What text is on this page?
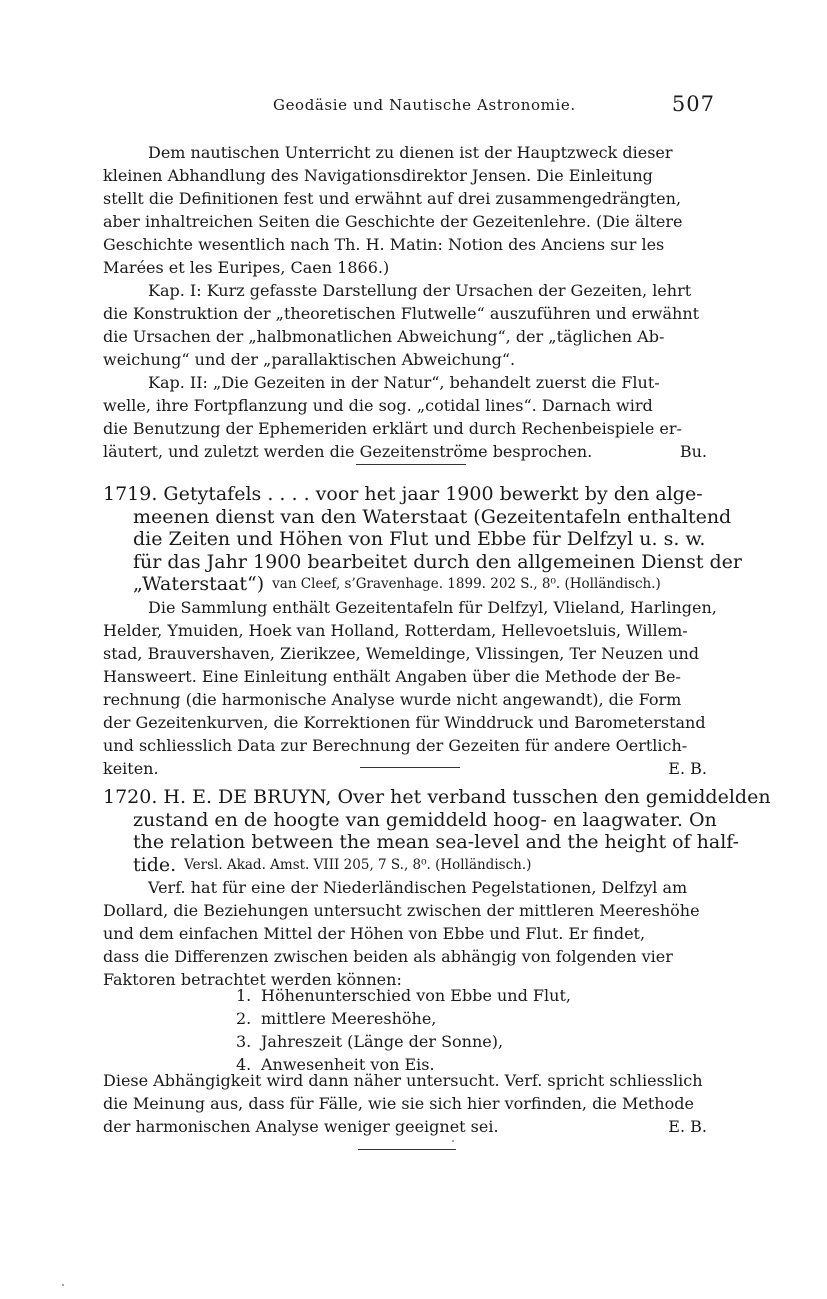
Geodäsie und Nautische Astronomie.	507
Dem nautischen Unterricht zu dienen ist der Hauptzweck dieser
kleinen Abhandlung des Navigationsdirektor Jensen. Die Einleitung
stellt die Definitionen fest und erwähnt auf drei zusammengedrängten,
aber inhaltreichen Seiten die Geschichte der Gezeitenlehre. (Die ältere
Geschichte wesentlich nach Th. H. Matin: Notion des Anciens sur les
Marées et les Euripes, Caen 1866.)
Kap. I: Kurz gefasste Darstellung der Ursachen der Gezeiten, lehrt
die Konstruktion der „theoretischen Flutwelle“ auszuführen und erwähnt
die Ursachen der „halbmonatlichen Abweichung“, der „täglichen Ab-
weichung“ und der „parallaktischen Abweichung“.
Kap. II: „Die Gezeiten in der Natur“, behandelt zuerst die Flut-
welle, ihre Fortpflanzung und die sog. „cotidal lines“. Darnach wird
die Benutzung der Ephemeriden erklärt und durch Rechenbeispiele er-
läutert, und zuletzt werden die Gezeitenströme besprochen.	Bu.
1719. Getytafels . . . . voor het jaar 1900 bewerkt by den alge-
meenen dienst van den Waterstaat (Gezeitentafeln enthaltend
die Zeiten und Höhen von Flut und Ebbe für Delfzyl u. s. w.
für das Jahr 1900 bearbeitet durch den allgemeinen Dienst der
„Waterstaat“) van Cleef, s’Gravenhage. 1899. 202 S., 8⁰. (Holländisch.)
Die Sammlung enthält Gezeitentafeln für Delfzyl, Vlieland, Harlingen,
Helder, Ymuiden, Hoek van Holland, Rotterdam, Hellevoetsluis, Willem-
stad, Brauvershaven, Zierikzee, Wemeldinge, Vlissingen, Ter Neuzen und
Hansweert. Eine Einleitung enthält Angaben über die Methode der Be-
rechnung (die harmonische Analyse wurde nicht angewandt), die Form
der Gezeitenkurven, die Korrektionen für Winddruck und Barometerstand
und schliesslich Data zur Berechnung der Gezeiten für andere Oertlich-
keiten.	E. B.
1720. H. E. DE BRUYN, Over het verband tusschen den gemiddelden
zustand en de hoogte van gemiddeld hoog- en laagwater. On
the relation between the mean sea-level and the height of half-
tide. Versl. Akad. Amst. VIII 205, 7 S., 8⁰. (Holländisch.)
Verf. hat für eine der Niederländischen Pegelstationen, Delfzyl am
Dollard, die Beziehungen untersucht zwischen der mittleren Meereshöhe
und dem einfachen Mittel der Höhen von Ebbe und Flut. Er findet,
dass die Differenzen zwischen beiden als abhängig von folgenden vier
Faktoren betrachtet werden können:
1. Höhenunterschied von Ebbe und Flut,
2. mittlere Meereshöhe,
3. Jahreszeit (Länge der Sonne),
4. Anwesenheit von Eis.
Diese Abhängigkeit wird dann näher untersucht. Verf. spricht schliesslich
die Meinung aus, dass für Fälle, wie sie sich hier vorfinden, die Methode
der harmonischen Analyse weniger geeignet sei.	E. B.
